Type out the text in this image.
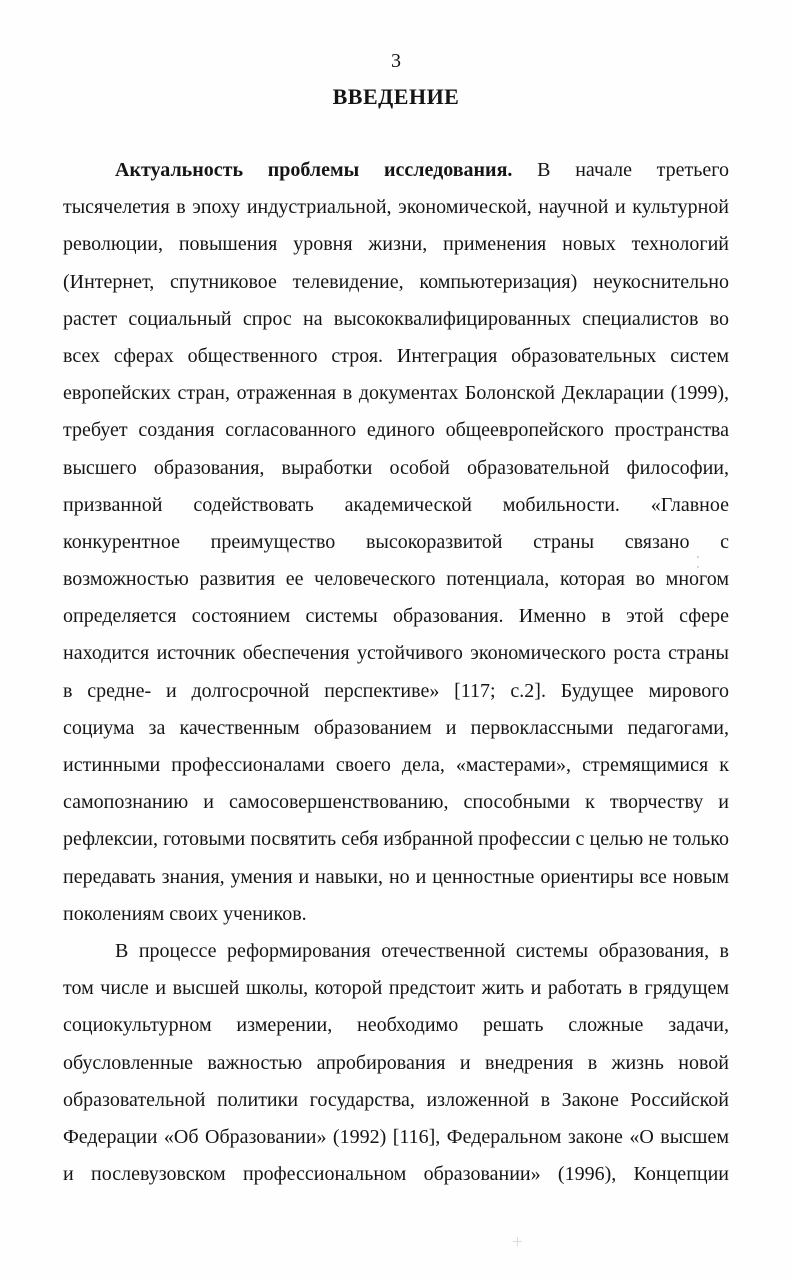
3
ВВЕДЕНИЕ
Актуальность проблемы исследования. В начале третьего
тысячелетия в эпоху индустриальной, экономической, научной и культурной
революции, повышения уровня жизни, применения новых технологий
(Интернет, спутниковое телевидение, компьютеризация) неукоснительно
растет социальный спрос на высококвалифицированных специалистов во
всех сферах общественного строя. Интеграция образовательных систем
европейских стран, отраженная в документах Болонской Декларации (1999),
требует создания согласованного единого общеевропейского пространства
высшего образования, выработки особой образовательной философии,
призванной содействовать академической мобильности. «Главное
конкурентное преимущество высокоразвитой страны связано с
возможностью развития ее человеческого потенциала, которая во многом
определяется состоянием системы образования. Именно в этой сфере
находится источник обеспечения устойчивого экономического роста страны
в средне- и долгосрочной перспективе» [117; с.2]. Будущее мирового
социума за качественным образованием и первоклассными педагогами,
истинными профессионалами своего дела, «мастерами», стремящимися к
самопознанию и самосовершенствованию, способными к творчеству и
рефлексии, готовыми посвятить себя избранной профессии с целью не только
передавать знания, умения и навыки, но и ценностные ориентиры все новым
поколениям своих учеников.
В процессе реформирования отечественной системы образования, в
том числе и высшей школы, которой предстоит жить и работать в грядущем
социокультурном измерении, необходимо решать сложные задачи,
обусловленные важностью апробирования и внедрения в жизнь новой
образовательной политики государства, изложенной в Законе Российской
Федерации «Об Образовании» (1992) [116], Федеральном законе «О высшем
и послевузовском профессиональном образовании» (1996), Концепции
